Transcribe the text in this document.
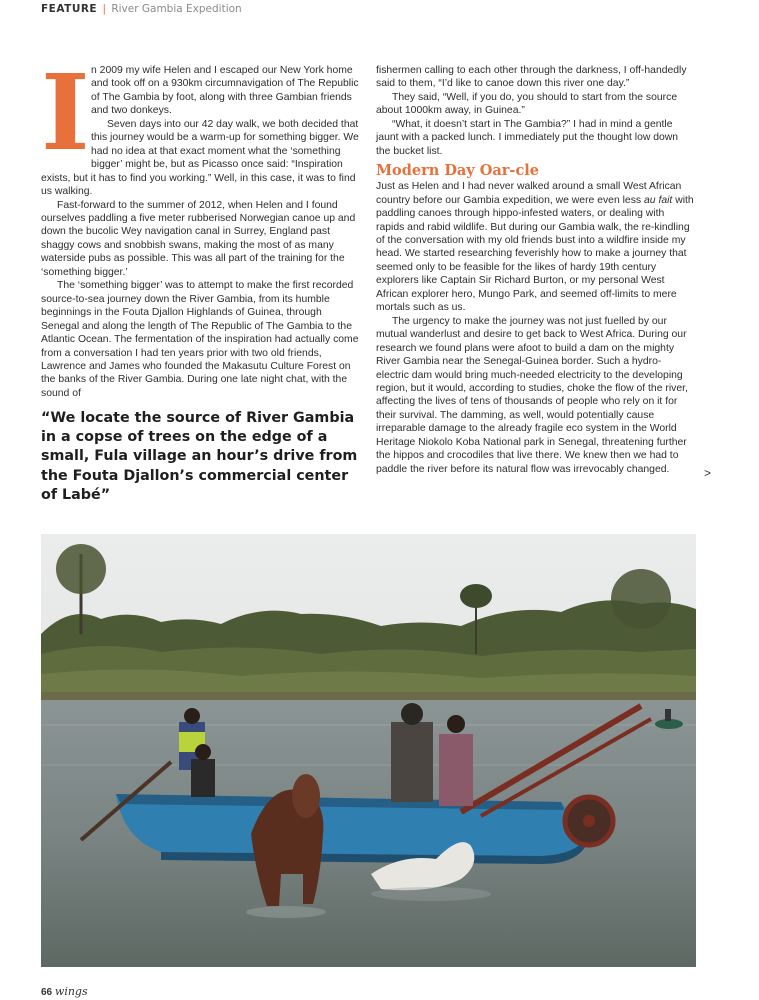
FEATURE | River Gambia Expedition
I n 2009 my wife Helen and I escaped our New York home and took off on a 930km circumnavigation of The Republic of The Gambia by foot, along with three Gambian friends and two donkeys.

Seven days into our 42 day walk, we both decided that this journey would be a warm-up for something bigger. We had no idea at that exact moment what the ‘something bigger’ might be, but as Picasso once said: “Inspiration exists, but it has to find you working.” Well, in this case, it was to find us walking.

Fast-forward to the summer of 2012, when Helen and I found ourselves paddling a five meter rubberised Norwegian canoe up and down the bucolic Wey navigation canal in Surrey, England past shaggy cows and snobbish swans, making the most of as many waterside pubs as possible. This was all part of the training for the ‘something bigger.’

The ‘something bigger’ was to attempt to make the first recorded source-to-sea journey down the River Gambia, from its humble beginnings in the Fouta Djallon Highlands of Guinea, through Senegal and along the length of The Republic of The Gambia to the Atlantic Ocean. The fermentation of the inspiration had actually come from a conversation I had ten years prior with two old friends, Lawrence and James who founded the Makasutu Culture Forest on the banks of the River Gambia. During one late night chat, with the sound of

fishermen calling to each other through the darkness, I off-handedly said to them, “I’d like to canoe down this river one day.”

They said, “Well, if you do, you should to start from the source about 1000km away, in Guinea.”

“What, it doesn’t start in The Gambia?” I had in mind a gentle jaunt with a packed lunch. I immediately put the thought low down the bucket list.

Modern Day Oar-cle

Just as Helen and I had never walked around a small West African country before our Gambia expedition, we were even less au fait with paddling canoes through hippo-infested waters, or dealing with rapids and rabid wildlife. But during our Gambia walk, the re-kindling of the conversation with my old friends bust into a wildfire inside my head. We started researching feverishly how to make a journey that seemed only to be feasible for the likes of hardy 19th century explorers like Captain Sir Richard Burton, or my personal West African explorer hero, Mungo Park, and seemed off-limits to mere mortals such as us.

The urgency to make the journey was not just fuelled by our mutual wanderlust and desire to get back to West Africa. During our research we found plans were afoot to build a dam on the mighty River Gambia near the Senegal-Guinea border. Such a hydro-electric dam would bring much-needed electricity to the developing region, but it would, according to studies, choke the flow of the river, affecting the lives of tens of thousands of people who rely on it for their survival. The damming, as well, would potentially cause irreparable damage to the already fragile eco system in the World Heritage Niokolo Koba National park in Senegal, threatening further the hippos and crocodiles that live there. We knew then we had to paddle the river before its natural flow was irrevocably changed.

“We locate the source of River Gambia in a copse of trees on the edge of a small, Fula village an hour’s drive from the Fouta Djallon’s commercial center of Labé”
>
66 wings
